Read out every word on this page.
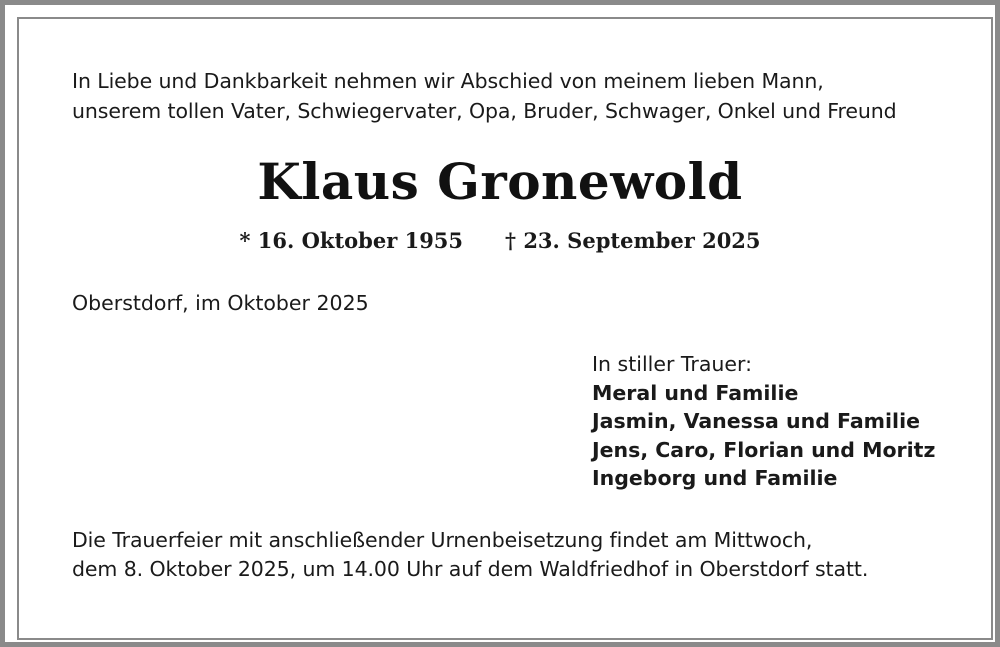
In Liebe und Dankbarkeit nehmen wir Abschied von meinem lieben Mann,
unserem tollen Vater, Schwiegervater, Opa, Bruder, Schwager, Onkel und Freund
Klaus Gronewold
* 16. Oktober 1955 † 23. September 2025
Oberstdorf, im Oktober 2025
In stiller Trauer:
Meral und Familie
Jasmin, Vanessa und Familie
Jens, Caro, Florian und Moritz
Ingeborg und Familie
Die Trauerfeier mit anschließender Urnenbeisetzung findet am Mittwoch,
dem 8. Oktober 2025, um 14.00 Uhr auf dem Waldfriedhof in Oberstdorf statt.
